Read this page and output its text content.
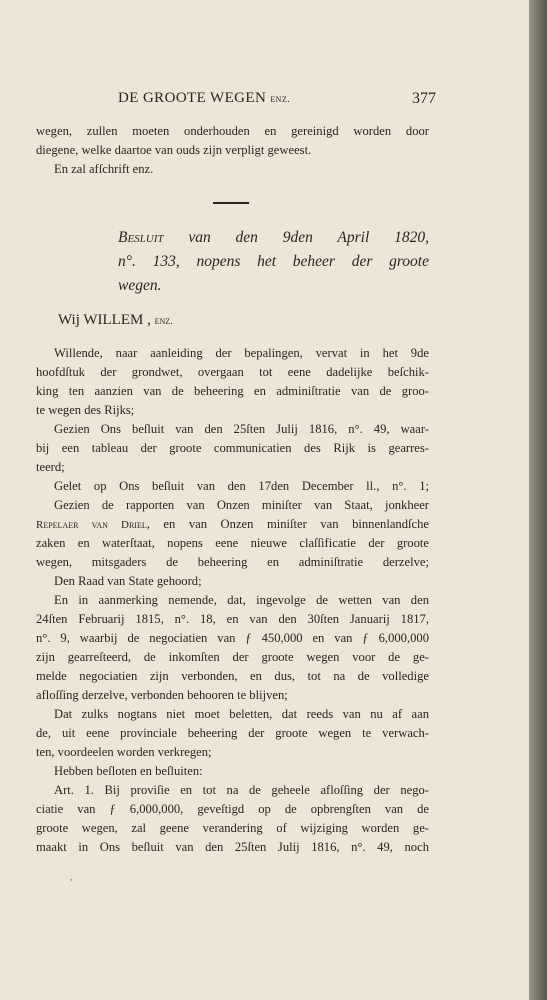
DE GROOTE WEGEN enz.	377
wegen, zullen moeten onderhouden en gereinigd worden door
diegene, welke daartoe van ouds zijn verpligt geweest.
En zal afſchrift enz.
Besluit van den 9den April 1820,
n°. 133, nopens het beheer der groote
wegen.
Wij WILLEM , enz.
Willende, naar aanleiding der bepalingen, vervat in het 9de
hoofdſtuk der grondwet, overgaan tot eene dadelijke beſchik-
king ten aanzien van de beheering en adminiſtratie van de groo-
te wegen des Rijks;
Gezien Ons beſluit van den 25ſten Julij 1816, n°. 49, waar-
bij een tableau der groote communicatien des Rijk is gearres-
teerd;
Gelet op Ons beſluit van den 17den December ll., n°. 1;
Gezien de rapporten van Onzen miniſter van Staat, jonkheer
Repelaer van Driel, en van Onzen miniſter van binnenlandſche
zaken en waterſtaat, nopens eene nieuwe claſſificatie der groote
wegen, mitsgaders de beheering en adminiſtratie derzelve;
Den Raad van State gehoord;
En in aanmerking nemende, dat, ingevolge de wetten van den
24ſten Februarij 1815, n°. 18, en van den 30ſten Januarij 1817,
n°. 9, waarbij de negociatien van ƒ 450,000 en van ƒ 6,000,000
zijn gearreſteerd, de inkomſten der groote wegen voor de ge-
melde negociatien zijn verbonden, en dus, tot na de volledige
afloſſing derzelve, verbonden behooren te blijven;
Dat zulks nogtans niet moet beletten, dat reeds van nu af aan
de, uit eene provinciale beheering der groote wegen te verwach-
ten, voordeelen worden verkregen;
Hebben beſloten en beſluiten:
Art. 1. Bij proviſie en tot na de geheele afloſſing der nego-
ciatie van ƒ 6,000,000, geveſtigd op de opbrengſten van de
groote wegen, zal geene verandering of wijziging worden ge-
maakt in Ons beſluit van den 25ſten Julij 1816, n°. 49, noch
,
